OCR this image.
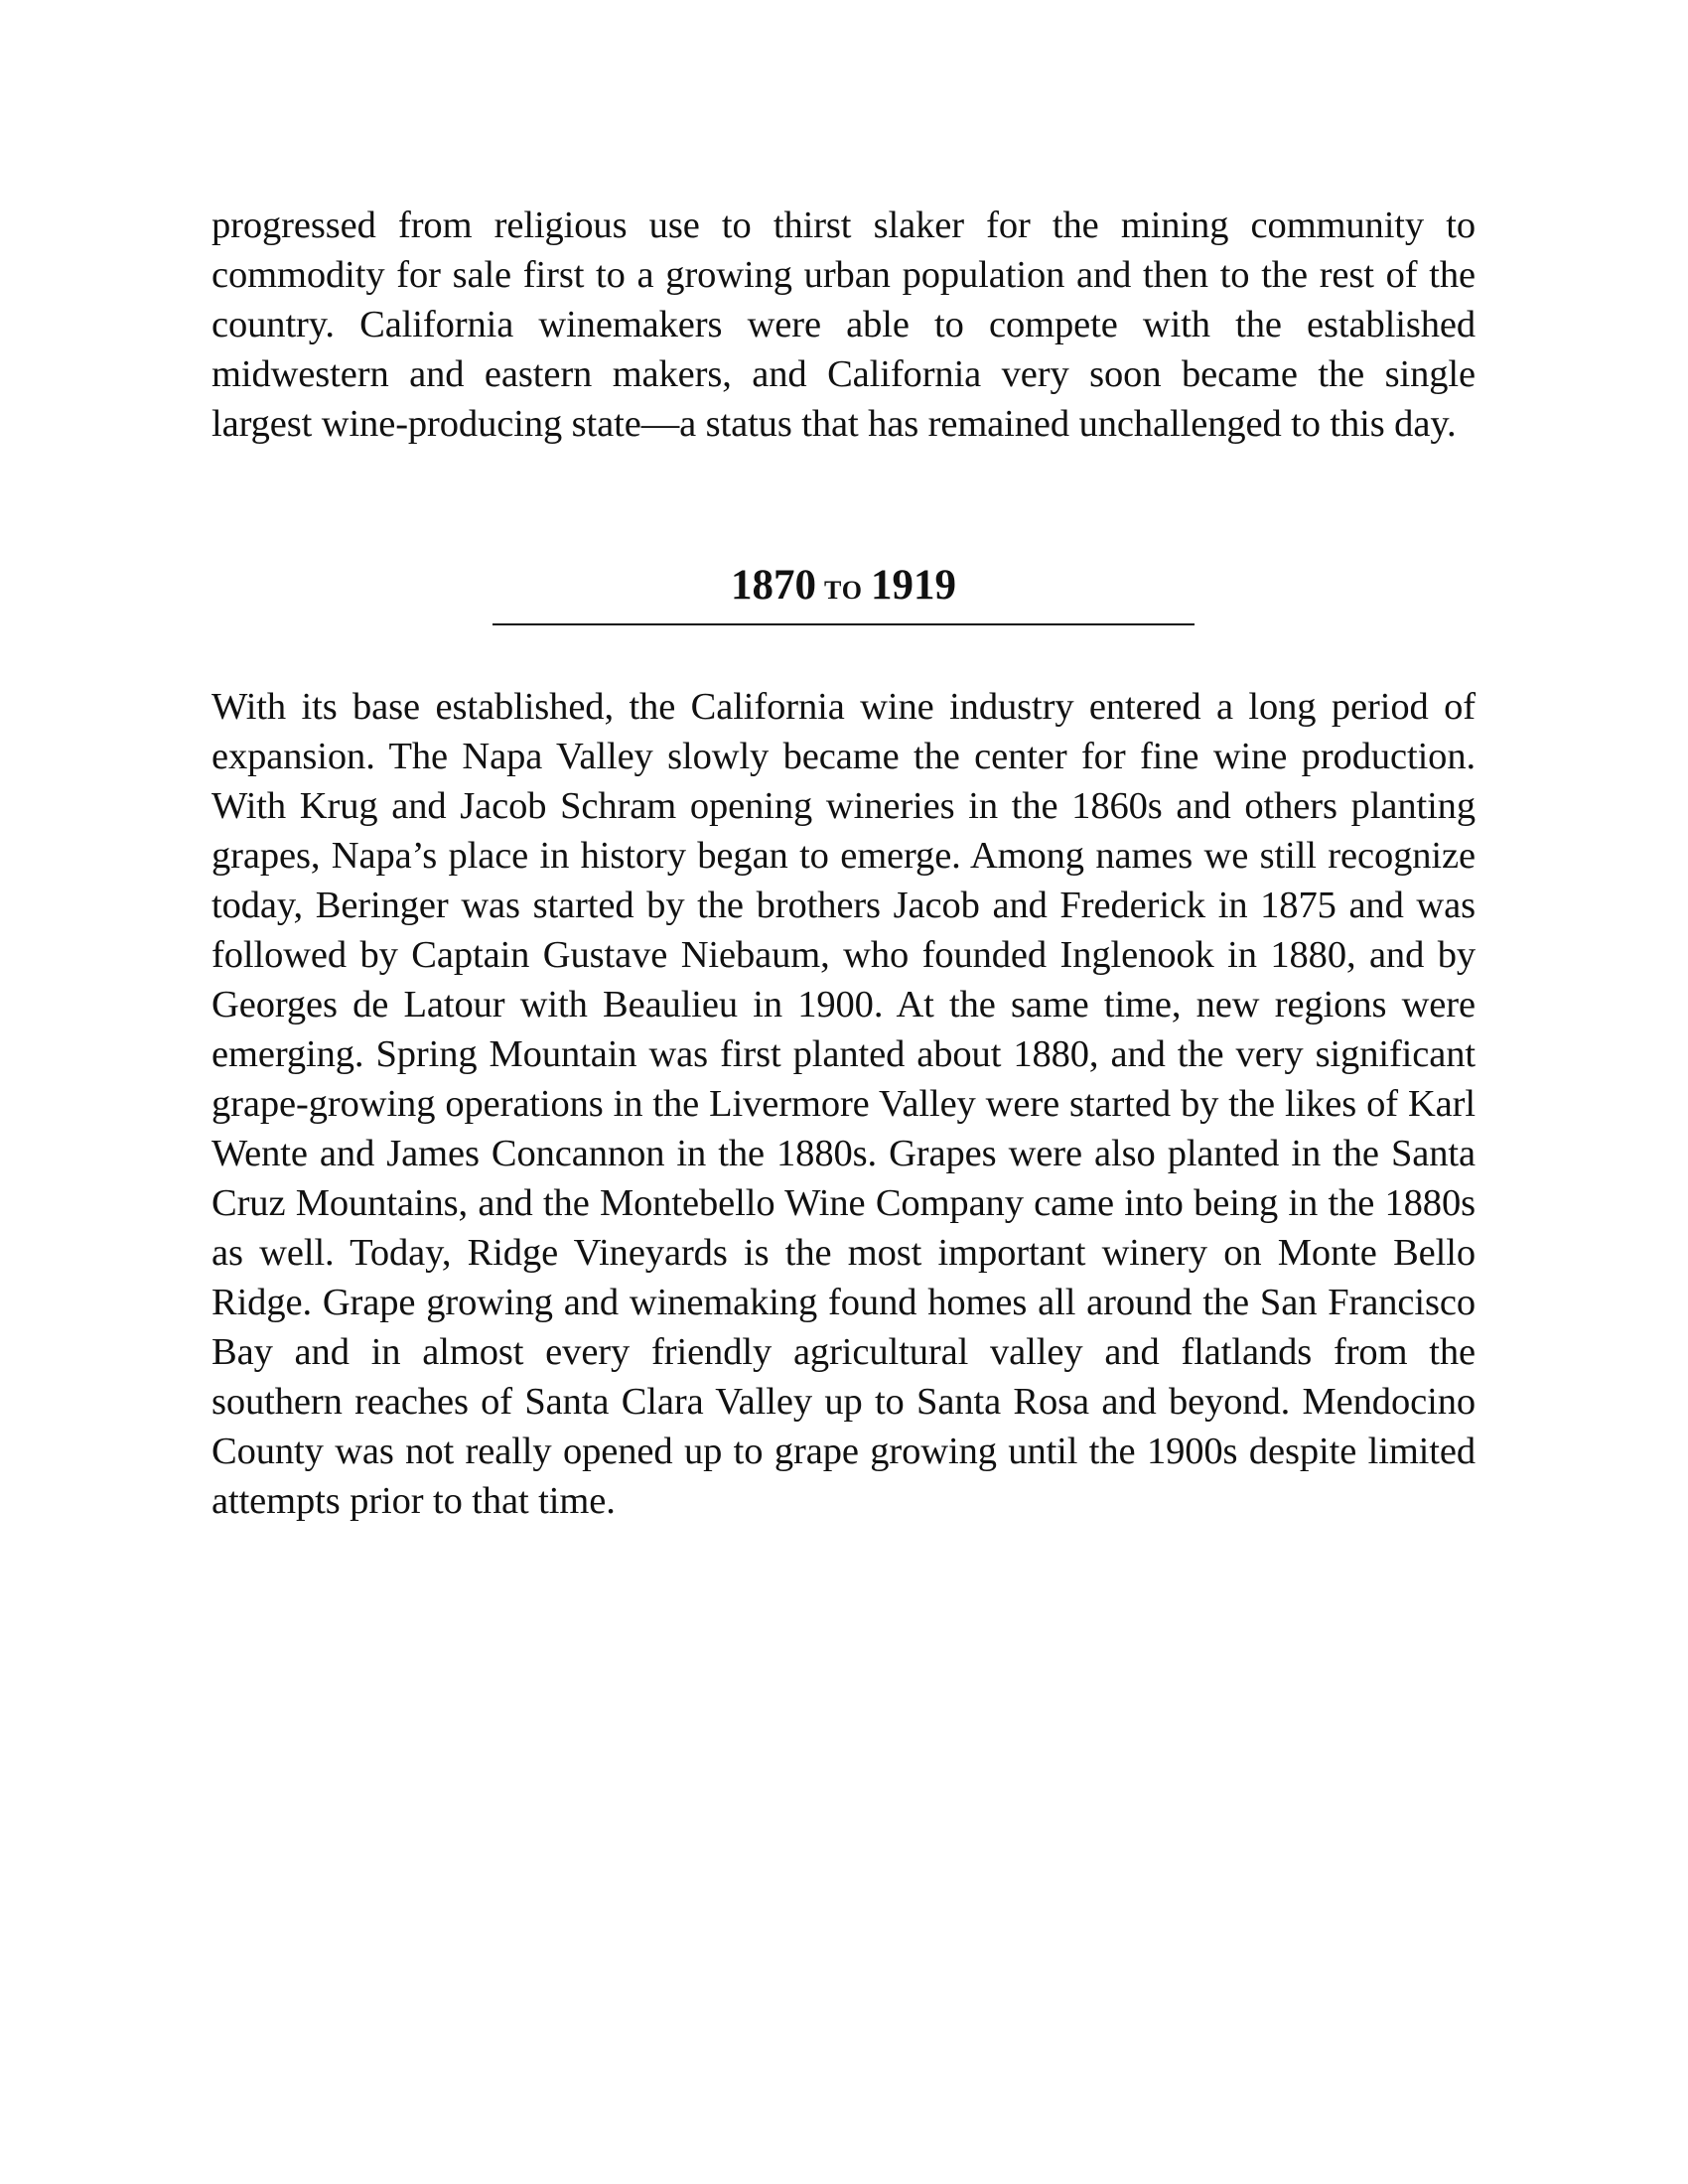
progressed from religious use to thirst slaker for the mining community to commodity for sale first to a growing urban population and then to the rest of the country. California winemakers were able to compete with the established midwestern and eastern makers, and California very soon became the single largest wine-producing state—a status that has remained unchallenged to this day.

1870 TO 1919

With its base established, the California wine industry entered a long period of expansion. The Napa Valley slowly became the center for fine wine production. With Krug and Jacob Schram opening wineries in the 1860s and others planting grapes, Napa’s place in history began to emerge. Among names we still recognize today, Beringer was started by the brothers Jacob and Frederick in 1875 and was followed by Captain Gustave Niebaum, who founded Inglenook in 1880, and by Georges de Latour with Beaulieu in 1900. At the same time, new regions were emerging. Spring Mountain was first planted about 1880, and the very significant grape-growing operations in the Livermore Valley were started by the likes of Karl Wente and James Concannon in the 1880s. Grapes were also planted in the Santa Cruz Mountains, and the Montebello Wine Company came into being in the 1880s as well. Today, Ridge Vineyards is the most important winery on Monte Bello Ridge. Grape growing and winemaking found homes all around the San Francisco Bay and in almost every friendly agricultural valley and flatlands from the southern reaches of Santa Clara Valley up to Santa Rosa and beyond. Mendocino County was not really opened up to grape growing until the 1900s despite limited attempts prior to that time.
